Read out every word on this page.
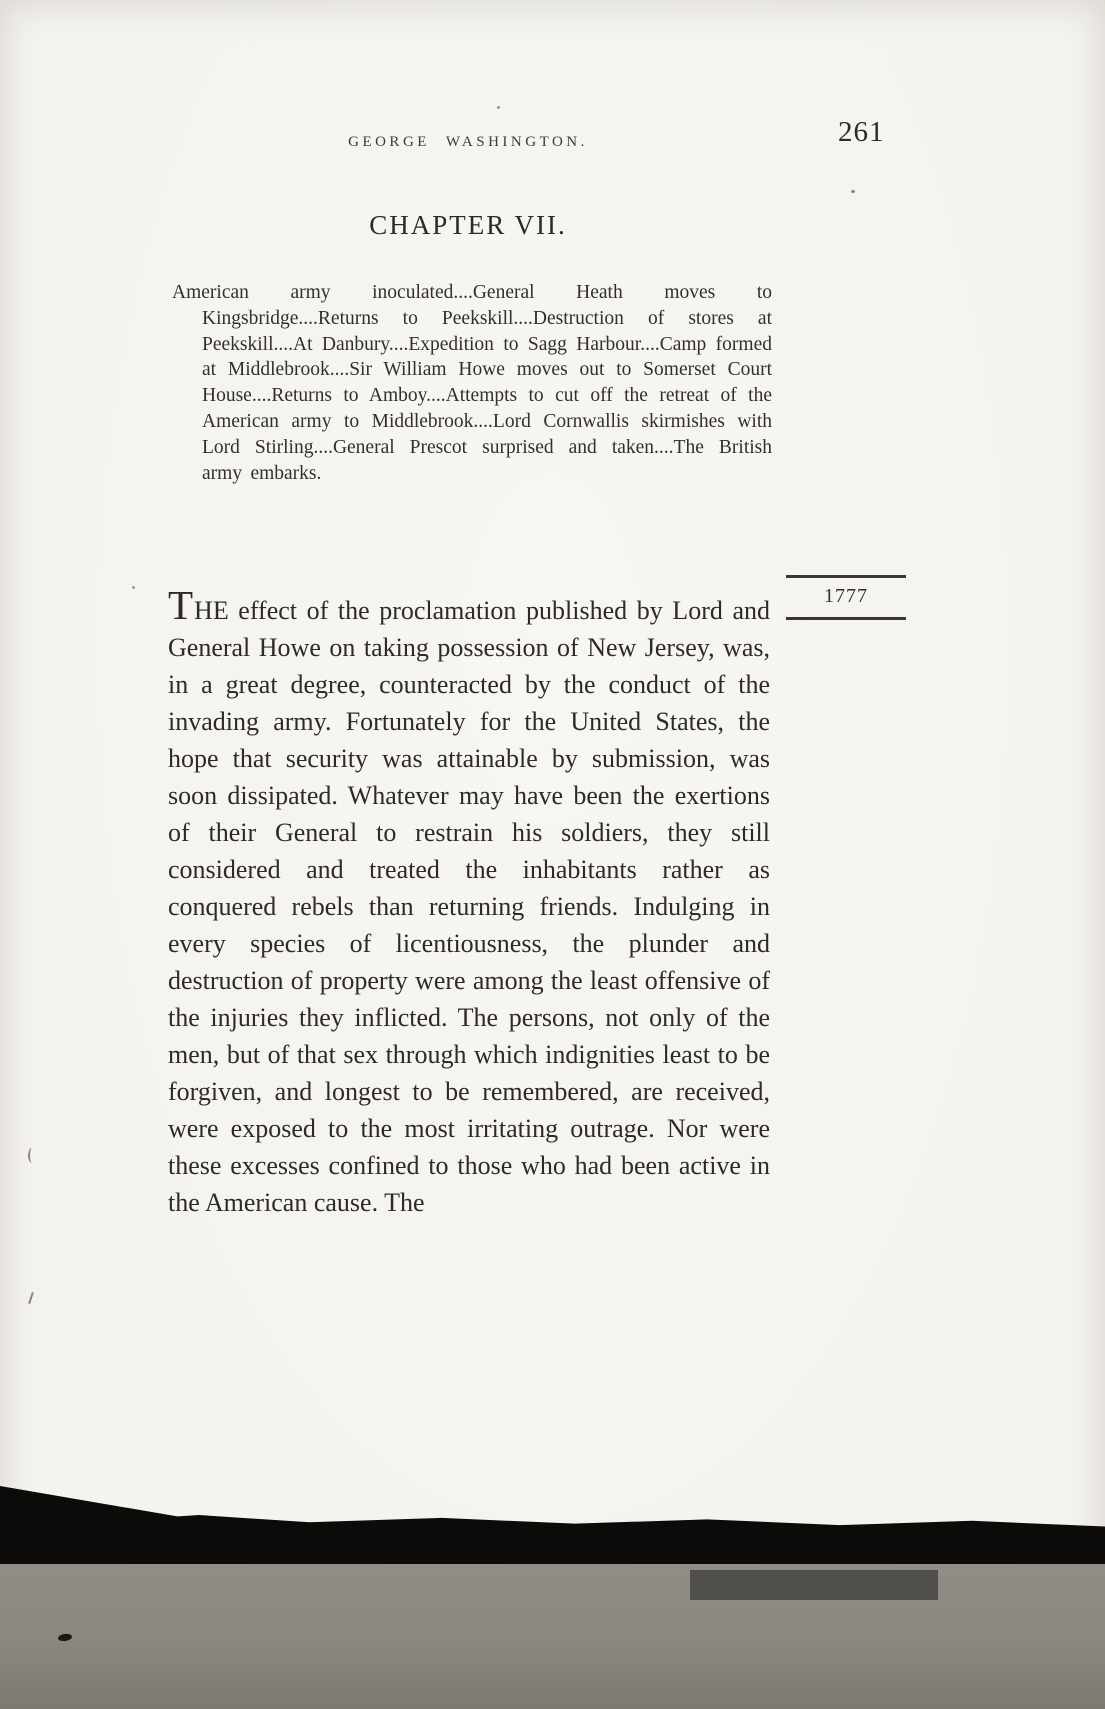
GEORGE WASHINGTON.	261
CHAPTER VII.
American army inoculated....General Heath moves to Kingsbridge....Returns to Peekskill....Destruction of stores at Peekskill....At Danbury....Expedition to Sagg Harbour....Camp formed at Middlebrook....Sir William Howe moves out to Somerset Court House....Returns to Amboy....Attempts to cut off the retreat of the American army to Middlebrook....Lord Cornwallis skirmishes with Lord Stirling....General Prescot surprised and taken....The British army embarks.
1777

THE effect of the proclamation published by Lord and General Howe on taking possession of New Jersey, was, in a great degree, counteracted by the conduct of the invading army. Fortunately for the United States, the hope that security was attainable by submission, was soon dissipated. Whatever may have been the exertions of their General to restrain his soldiers, they still considered and treated the inhabitants rather as conquered rebels than returning friends. Indulging in every species of licentiousness, the plunder and destruction of property were among the least offensive of the injuries they inflicted. The persons, not only of the men, but of that sex through which indignities least to be forgiven, and longest to be remembered, are received, were exposed to the most irritating outrage. Nor were these excesses confined to those who had been active in the American cause. The
